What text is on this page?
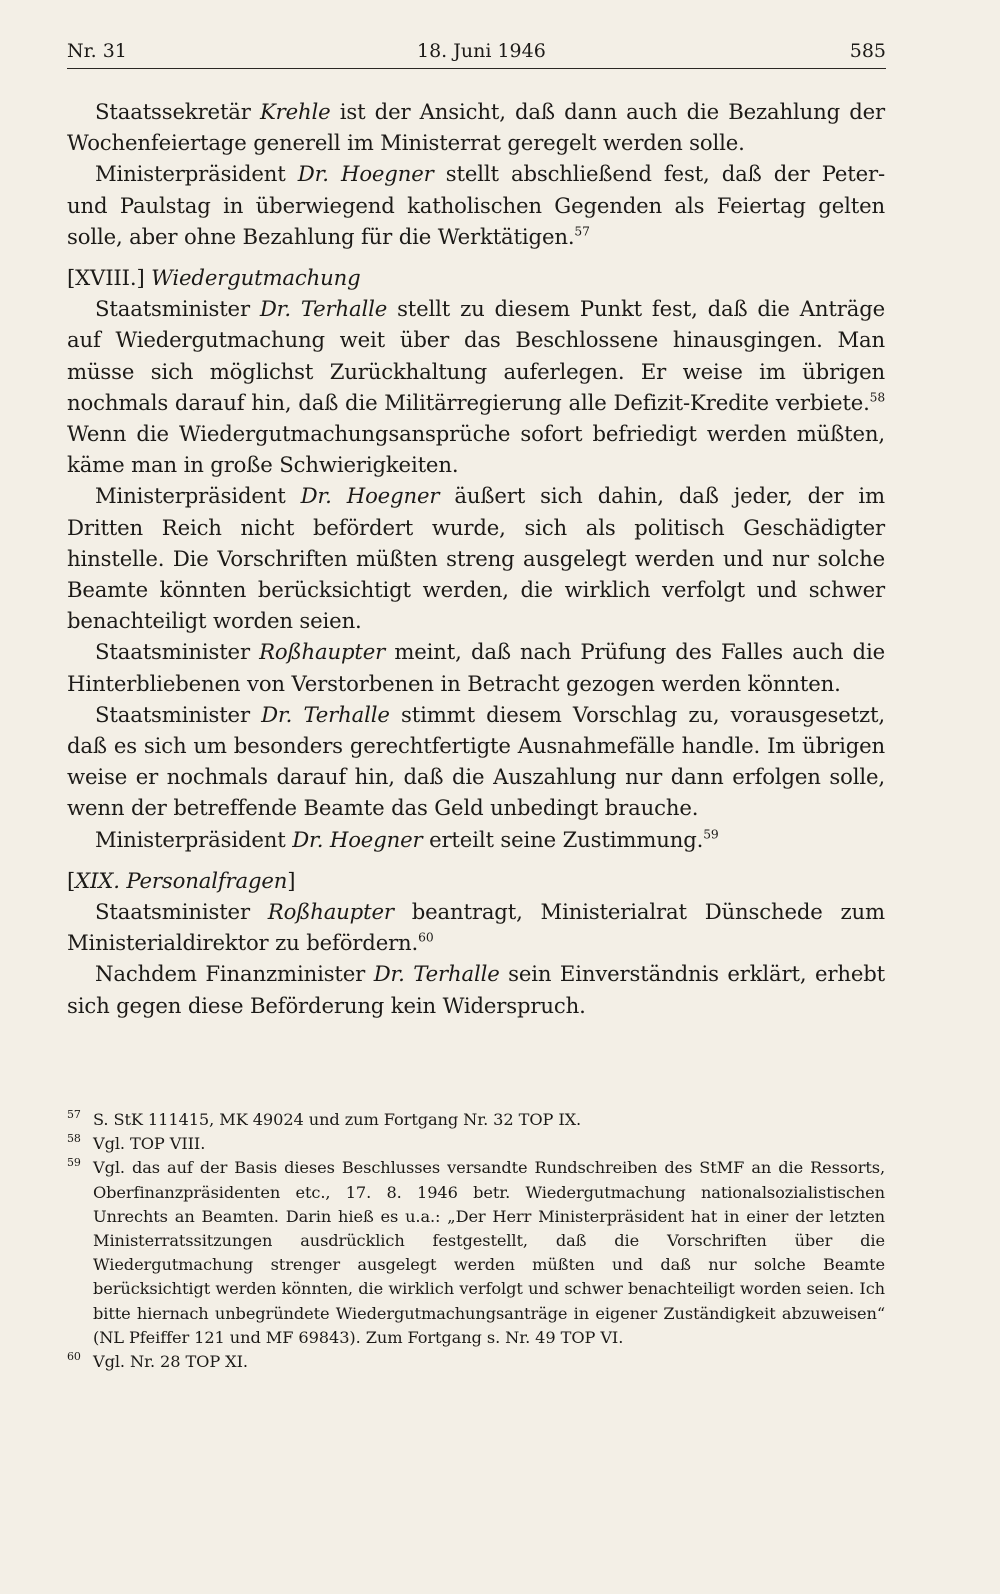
Nr. 31	18. Juni 1946	585

Staatssekretär Krehle ist der Ansicht, daß dann auch die Bezahlung der Wochenfeiertage generell im Ministerrat geregelt werden solle.

Ministerpräsident Dr. Hoegner stellt abschließend fest, daß der Peter- und Paulstag in überwiegend katholischen Gegenden als Feiertag gelten solle, aber ohne Bezahlung für die Werktätigen.$^{57}$

[XVIII.] Wiedergutmachung

Staatsminister Dr. Terhalle stellt zu diesem Punkt fest, daß die Anträge auf Wiedergutmachung weit über das Beschlossene hinausgingen. Man müsse sich möglichst Zurückhaltung auferlegen. Er weise im übrigen nochmals darauf hin, daß die Militärregierung alle Defizit-Kredite verbiete.$^{58}$ Wenn die Wiedergutmachungsansprüche sofort befriedigt werden müßten, käme man in große Schwierigkeiten.

Ministerpräsident Dr. Hoegner äußert sich dahin, daß jeder, der im Dritten Reich nicht befördert wurde, sich als politisch Geschädigter hinstelle. Die Vorschriften müßten streng ausgelegt werden und nur solche Beamte könnten berücksichtigt werden, die wirklich verfolgt und schwer benachteiligt worden seien.

Staatsminister Roßhaupter meint, daß nach Prüfung des Falles auch die Hinterbliebenen von Verstorbenen in Betracht gezogen werden könnten.

Staatsminister Dr. Terhalle stimmt diesem Vorschlag zu, vorausgesetzt, daß es sich um besonders gerechtfertigte Ausnahmefälle handle. Im übrigen weise er nochmals darauf hin, daß die Auszahlung nur dann erfolgen solle, wenn der betreffende Beamte das Geld unbedingt brauche.

Ministerpräsident Dr. Hoegner erteilt seine Zustimmung.$^{59}$

[XIX. Personalfragen]

Staatsminister Roßhaupter beantragt, Ministerialrat Dünschede zum Ministerialdirektor zu befördern.$^{60}$

Nachdem Finanzminister Dr. Terhalle sein Einverständnis erklärt, erhebt sich gegen diese Beförderung kein Widerspruch.

57 S. StK 111415, MK 49024 und zum Fortgang Nr. 32 TOP IX.
58 Vgl. TOP VIII.
59 Vgl. das auf der Basis dieses Beschlusses versandte Rundschreiben des StMF an die Ressorts, Oberfinanzpräsidenten etc., 17. 8. 1946 betr. Wiedergutmachung nationalsozialistischen Unrechts an Beamten. Darin hieß es u.a.: „Der Herr Ministerpräsident hat in einer der letzten Ministerratssitzungen ausdrücklich festgestellt, daß die Vorschriften über die Wiedergutmachung strenger ausgelegt werden müßten und daß nur solche Beamte berücksichtigt werden könnten, die wirklich verfolgt und schwer benachteiligt worden seien. Ich bitte hiernach unbegründete Wiedergutmachungsanträge in eigener Zuständigkeit abzuweisen“ (NL Pfeiffer 121 und MF 69843). Zum Fortgang s. Nr. 49 TOP VI.
60 Vgl. Nr. 28 TOP XI.
